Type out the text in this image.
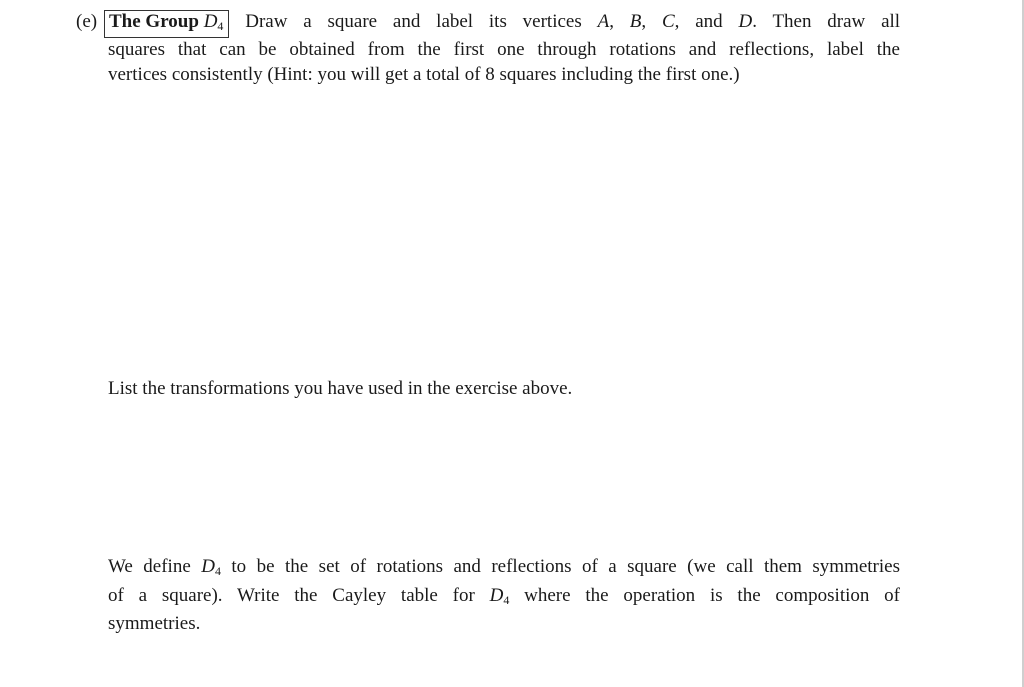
(e) The Group $D_4$ Draw a square and label its vertices A, B, C, and D. Then draw all
squares that can be obtained from the first one through rotations and reflections, label the
vertices consistently (Hint: you will get a total of 8 squares including the first one.)
List the transformations you have used in the exercise above.
We define $D_4$ to be the set of rotations and reflections of a square (we call them symmetries
of a square). Write the Cayley table for $D_4$ where the operation is the composition of
symmetries.
